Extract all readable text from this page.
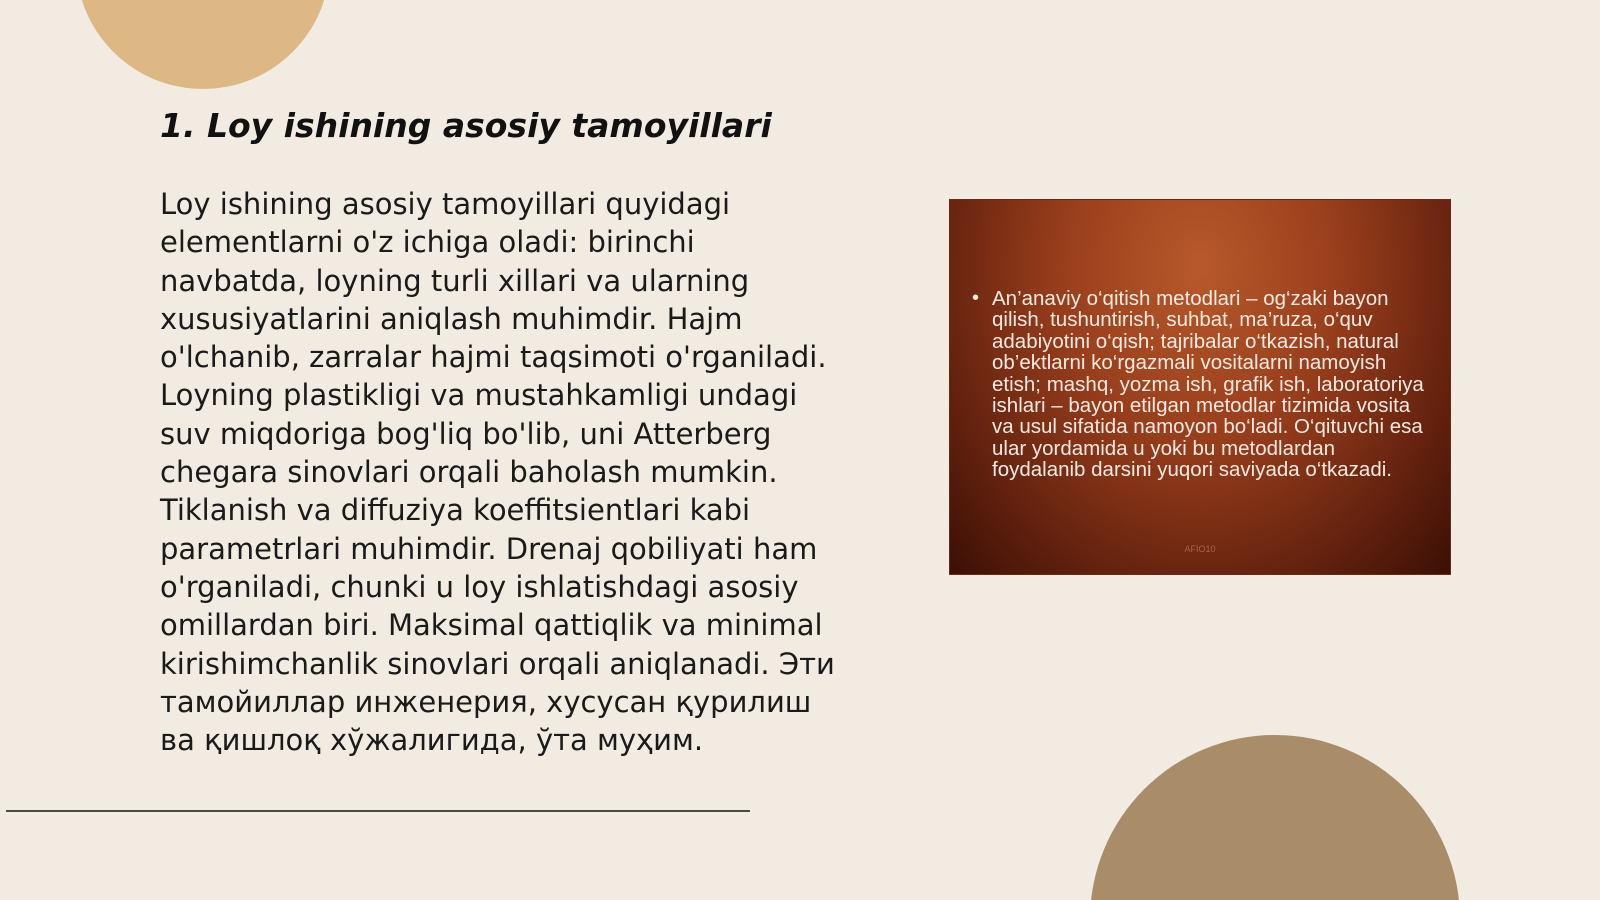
1. Loy ishining asosiy tamoyillari

Loy ishining asosiy tamoyillari quyidagi elementlarni o'z ichiga oladi: birinchi navbatda, loyning turli xillari va ularning xususiyatlarini aniqlash muhimdir. Hajm o'lchanib, zarralar hajmi taqsimoti o'rganiladi. Loyning plastikligi va mustahkamligi undagi suv miqdoriga bog'liq bo'lib, uni Atterberg chegara sinovlari orqali baholash mumkin. Tiklanish va diffuziya koeffitsientlari kabi parametrlari muhimdir. Drenaj qobiliyati ham o'rganiladi, chunki u loy ishlatishdagi asosiy omillardan biri. Maksimal qattiqlik va minimal kirishimchanlik sinovlari orqali aniqlanadi. Эти тамойиллар инженерия, хусусан қурилиш ва қишлоқ хўжалигида, ўта муҳим.

• An’anaviy o‘qitish metodlari – og‘zaki bayon qilish, tushuntirish, suhbat, ma’ruza, o‘quv adabiyotini o‘qish; tajribalar o‘tkazish, natural ob’ektlarni ko‘rgazmali vositalarni namoyish etish; mashq, yozma ish, grafik ish, laboratoriya ishlari – bayon etilgan metodlar tizimida vosita va usul sifatida namoyon bo‘ladi. O‘qituvchi esa ular yordamida u yoki bu metodlardan foydalanib darsini yuqori saviyada o‘tkazadi.
AFIO10
